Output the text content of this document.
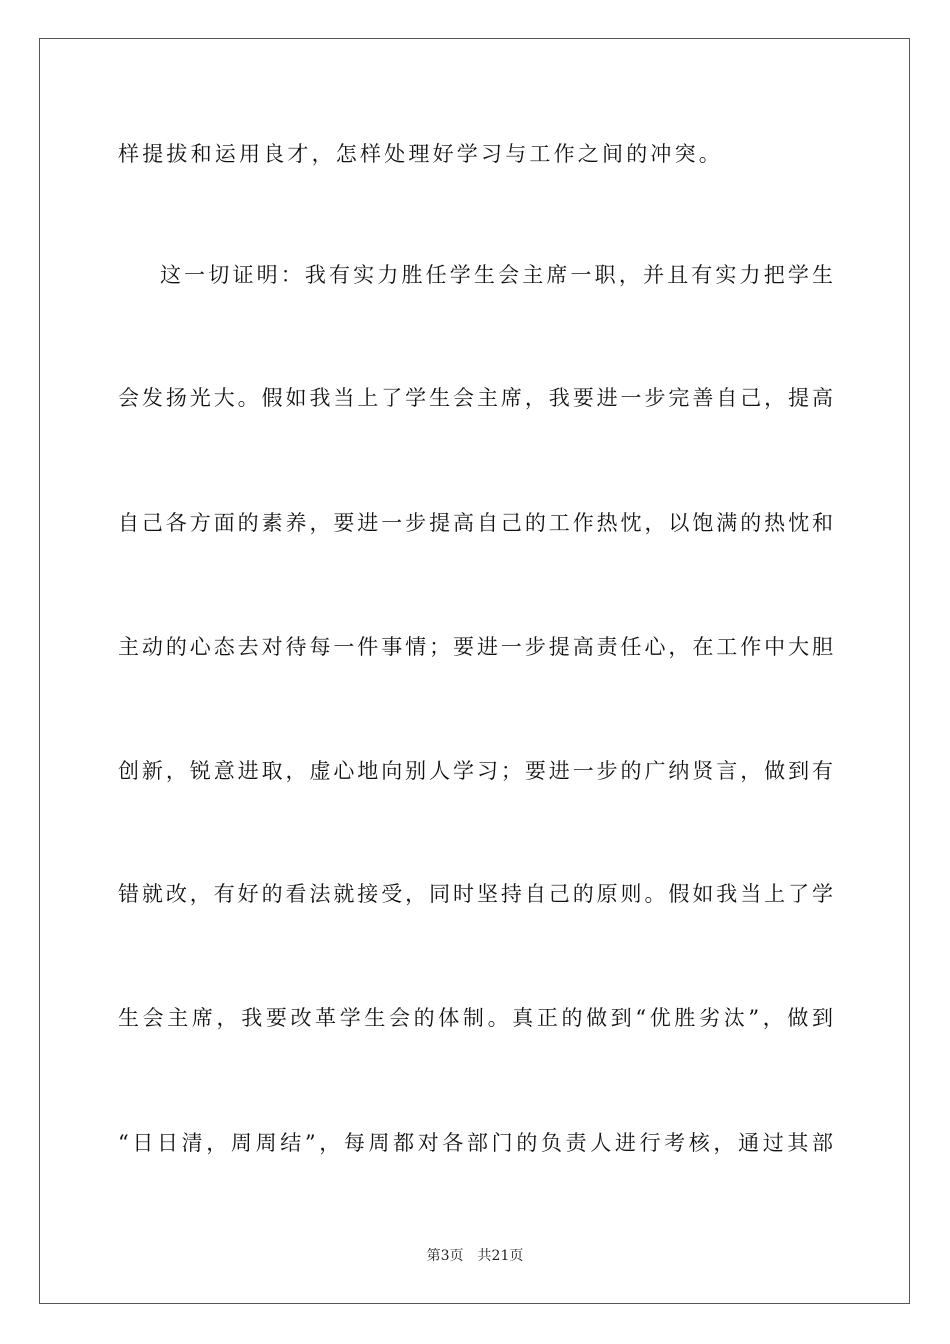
样提拔和运用良才，怎样处理好学习与工作之间的冲突。
这一切证明：我有实力胜任学生会主席一职，并且有实力把学生
会发扬光大。假如我当上了学生会主席，我要进一步完善自己，提高
自己各方面的素养，要进一步提高自己的工作热忱，以饱满的热忱和
主动的心态去对待每一件事情；要进一步提高责任心，在工作中大胆
创新，锐意进取，虚心地向别人学习；要进一步的广纳贤言，做到有
错就改，有好的看法就接受，同时坚持自己的原则。假如我当上了学
生会主席，我要改革学生会的体制。真正的做到“优胜劣汰”，做到
“日日清，周周结”，每周都对各部门的负责人进行考核，通过其部
第3页 共21页
